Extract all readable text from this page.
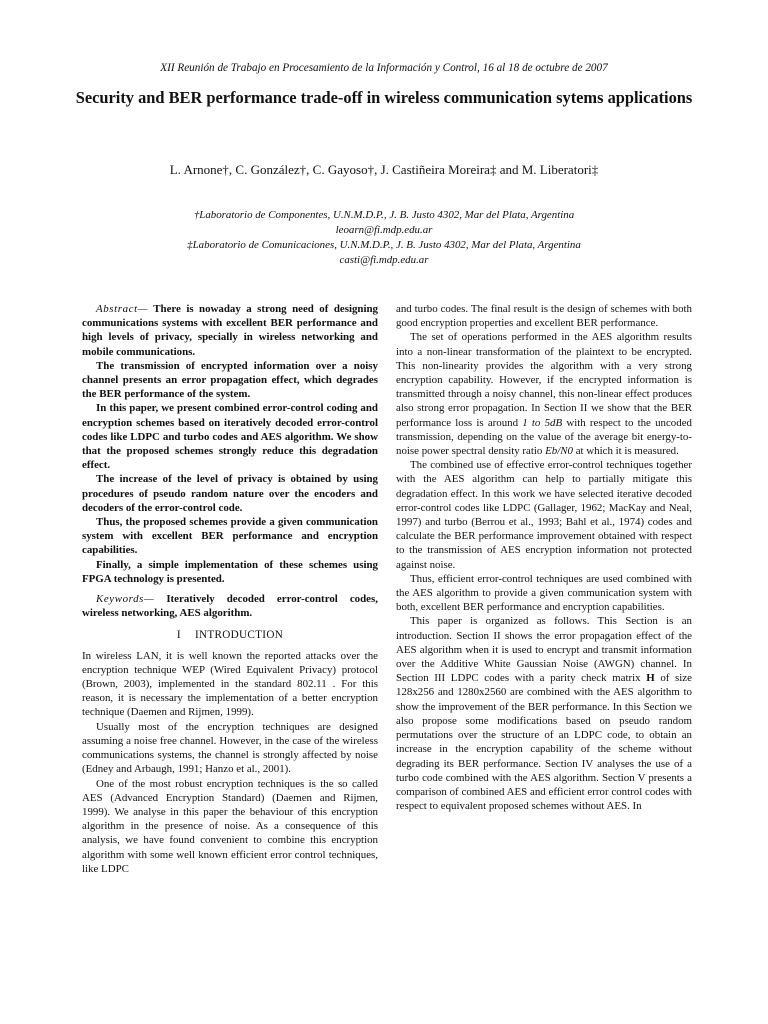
XII Reunión de Trabajo en Procesamiento de la Información y Control, 16 al 18 de octubre de 2007
Security and BER performance trade-off in wireless communication sytems applications
L. Arnone†, C. González†, C. Gayoso†, J. Castiñeira Moreira‡ and M. Liberatori‡
†Laboratorio de Componentes, U.N.M.D.P., J. B. Justo 4302, Mar del Plata, Argentina
leoarn@fi.mdp.edu.ar
‡Laboratorio de Comunicaciones, U.N.M.D.P., J. B. Justo 4302, Mar del Plata, Argentina
casti@fi.mdp.edu.ar

Abstract— There is nowaday a strong need of designing communications systems with excellent BER performance and high levels of privacy, specially in wireless networking and mobile communications.

The transmission of encrypted information over a noisy channel presents an error propagation effect, which degrades the BER performance of the system.

In this paper, we present combined error-control coding and encryption schemes based on iteratively decoded error-control codes like LDPC and turbo codes and AES algorithm. We show that the proposed schemes strongly reduce this degradation effect.

The increase of the level of privacy is obtained by using procedures of pseudo random nature over the encoders and decoders of the error-control code.

Thus, the proposed schemes provide a given communication system with excellent BER performance and encryption capabilities.

Finally, a simple implementation of these schemes using FPGA technology is presented.

Keywords— Iteratively decoded error-control codes, wireless networking, AES algorithm.

I INTRODUCTION

In wireless LAN, it is well known the reported attacks over the encryption technique WEP (Wired Equivalent Privacy) protocol (Brown, 2003), implemented in the standard 802.11 . For this reason, it is necessary the implementation of a better encryption technique (Daemen and Rijmen, 1999).

Usually most of the encryption techniques are designed assuming a noise free channel. However, in the case of the wireless communications systems, the channel is strongly affected by noise (Edney and Arbaugh, 1991; Hanzo et al., 2001).

One of the most robust encryption techniques is the so called AES (Advanced Encryption Standard) (Daemen and Rijmen, 1999). We analyse in this paper the behaviour of this encryption algorithm in the presence of noise. As a consequence of this analysis, we have found convenient to combine this encryption algorithm with some well known efficient error control techniques, like LDPC

and turbo codes. The final result is the design of schemes with both good encryption properties and excellent BER performance.

The set of operations performed in the AES algorithm results into a non-linear transformation of the plaintext to be encrypted. This non-linearity provides the algorithm with a very strong encryption capability. However, if the encrypted information is transmitted through a noisy channel, this non-linear effect produces also strong error propagation. In Section II we show that the BER performance loss is around 1 to 5dB with respect to the uncoded transmission, depending on the value of the average bit energy-to-noise power spectral density ratio Eb/N0 at which it is measured.

The combined use of effective error-control techniques together with the AES algorithm can help to partially mitigate this degradation effect. In this work we have selected iterative decoded error-control codes like LDPC (Gallager, 1962; MacKay and Neal, 1997) and turbo (Berrou et al., 1993; Bahl et al., 1974) codes and calculate the BER performance improvement obtained with respect to the transmission of AES encryption information not protected against noise.

Thus, efficient error-control techniques are used combined with the AES algorithm to provide a given communication system with both, excellent BER performance and encryption capabilities.

This paper is organized as follows. This Section is an introduction. Section II shows the error propagation effect of the AES algorithm when it is used to encrypt and transmit information over the Additive White Gaussian Noise (AWGN) channel. In Section III LDPC codes with a parity check matrix H of size 128x256 and 1280x2560 are combined with the AES algorithm to show the improvement of the BER performance. In this Section we also propose some modifications based on pseudo random permutations over the structure of an LDPC code, to obtain an increase in the encryption capability of the scheme without degrading its BER performance. Section IV analyses the use of a turbo code combined with the AES algorithm. Section V presents a comparison of combined AES and efficient error control codes with respect to equivalent proposed schemes without AES. In
